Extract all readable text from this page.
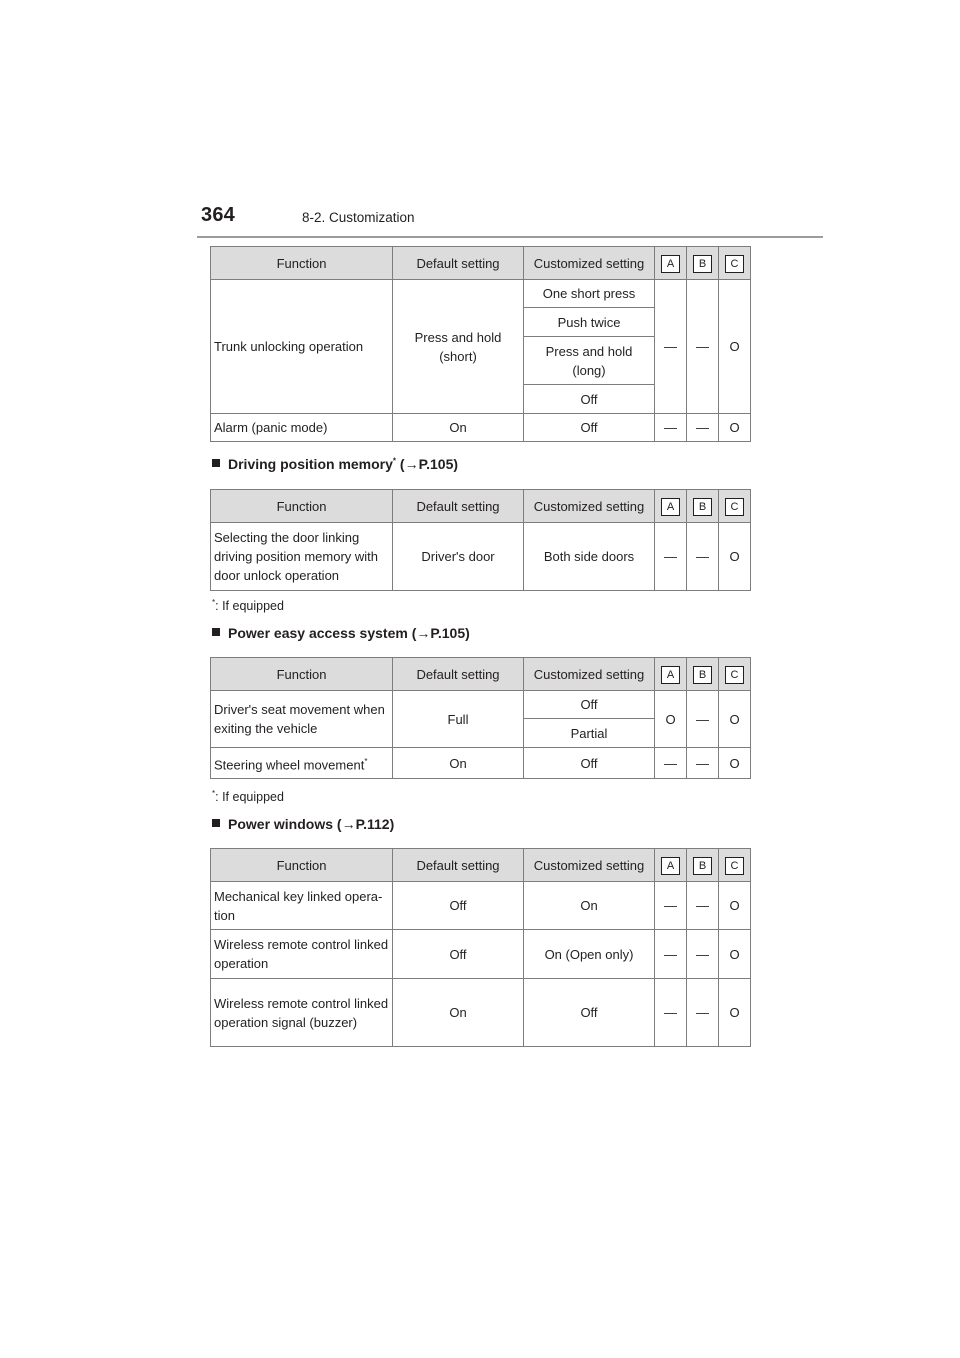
364	8-2. Customization
Function	Default setting	Customized setting	A	B	C
Trunk unlocking operation	Press and hold (short)	One short press	—	—	O
		Push twice			

		Press and hold (long)			

		Off			
Alarm (panic mode)	On	Off	—	—	O
Driving position memory* (→P.105)
Function	Default setting	Customized setting	A	B	C
Selecting the door linking driving position memory with door unlock operation	Driver's door	Both side doors	—	—	O
*: If equipped
Power easy access system (→P.105)
Function	Default setting	Customized setting	A	B	C
Driver's seat movement when exiting the vehicle	Full	Off	O	—	O
		Partial			
Steering wheel movement*	On	Off	—	—	O
*: If equipped
Power windows (→P.112)
Function	Default setting	Customized setting	A	B	C
Mechanical key linked opera-tion	Off	On	—	—	O
Wireless remote control linked operation	Off	On (Open only)	—	—	O
Wireless remote control linked operation signal (buzzer)	On	Off	—	—	O
